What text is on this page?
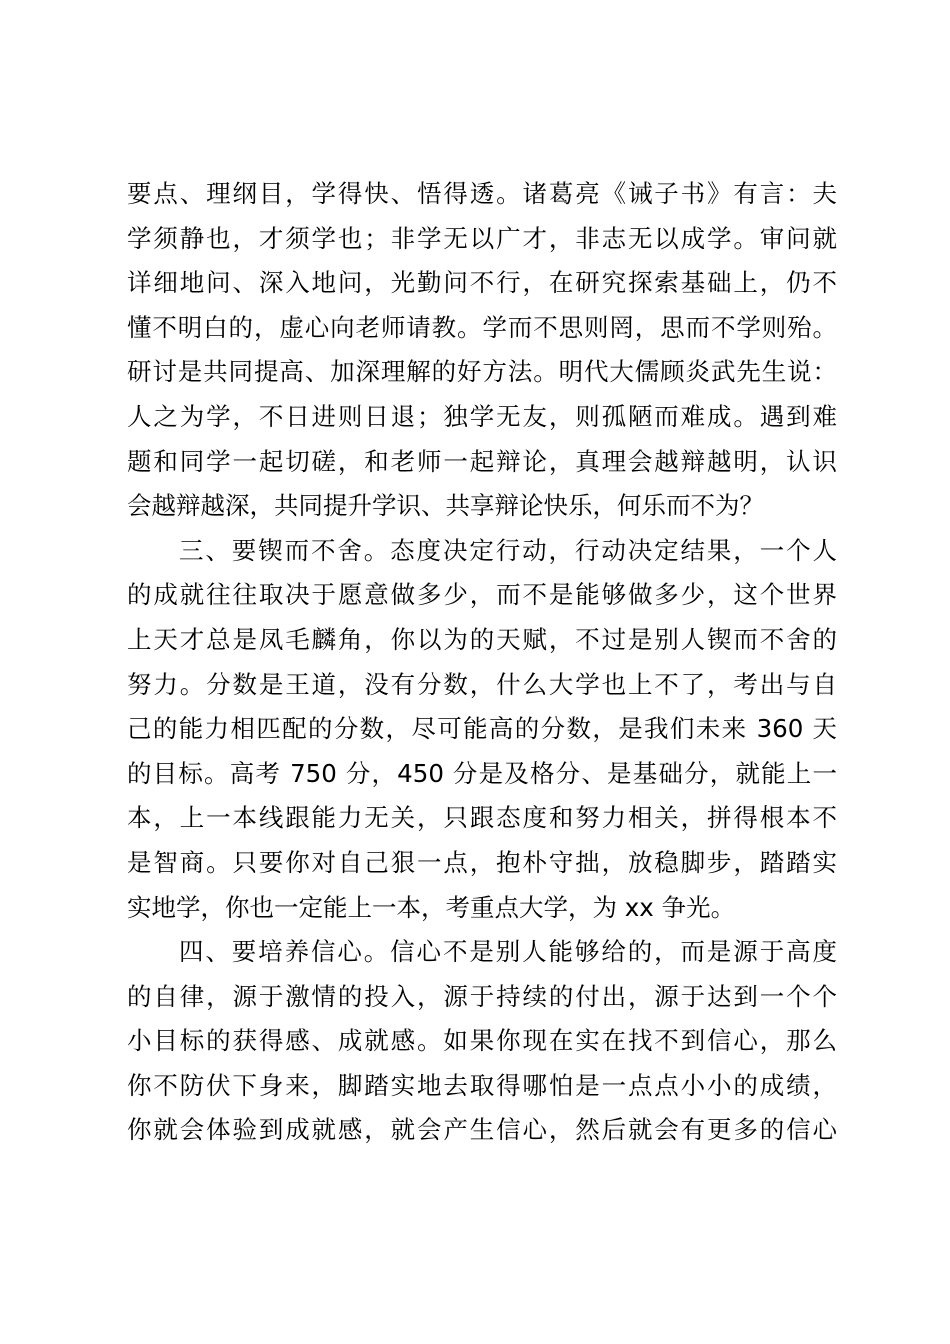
要点、理纲目，学得快、悟得透。诸葛亮《诫子书》有言：夫
学须静也，才须学也；非学无以广才，非志无以成学。审问就
详细地问、深入地问，光勤问不行，在研究探索基础上，仍不
懂不明白的，虚心向老师请教。学而不思则罔，思而不学则殆。
研讨是共同提高、加深理解的好方法。明代大儒顾炎武先生说：
人之为学，不日进则日退；独学无友，则孤陋而难成。遇到难
题和同学一起切磋，和老师一起辩论，真理会越辩越明，认识
会越辩越深，共同提升学识、共享辩论快乐，何乐而不为？
三、要锲而不舍。态度决定行动，行动决定结果，一个人
的成就往往取决于愿意做多少，而不是能够做多少，这个世界
上天才总是凤毛麟角，你以为的天赋，不过是别人锲而不舍的
努力。分数是王道，没有分数，什么大学也上不了，考出与自
己的能力相匹配的分数，尽可能高的分数，是我们未来 360 天
的目标。高考 750 分，450 分是及格分、是基础分，就能上一
本，上一本线跟能力无关，只跟态度和努力相关，拼得根本不
是智商。只要你对自己狠一点，抱朴守拙，放稳脚步，踏踏实
实地学，你也一定能上一本，考重点大学，为 xx 争光。
四、要培养信心。信心不是别人能够给的，而是源于高度
的自律，源于激情的投入，源于持续的付出，源于达到一个个
小目标的获得感、成就感。如果你现在实在找不到信心，那么
你不防伏下身来，脚踏实地去取得哪怕是一点点小小的成绩，
你就会体验到成就感，就会产生信心，然后就会有更多的信心
